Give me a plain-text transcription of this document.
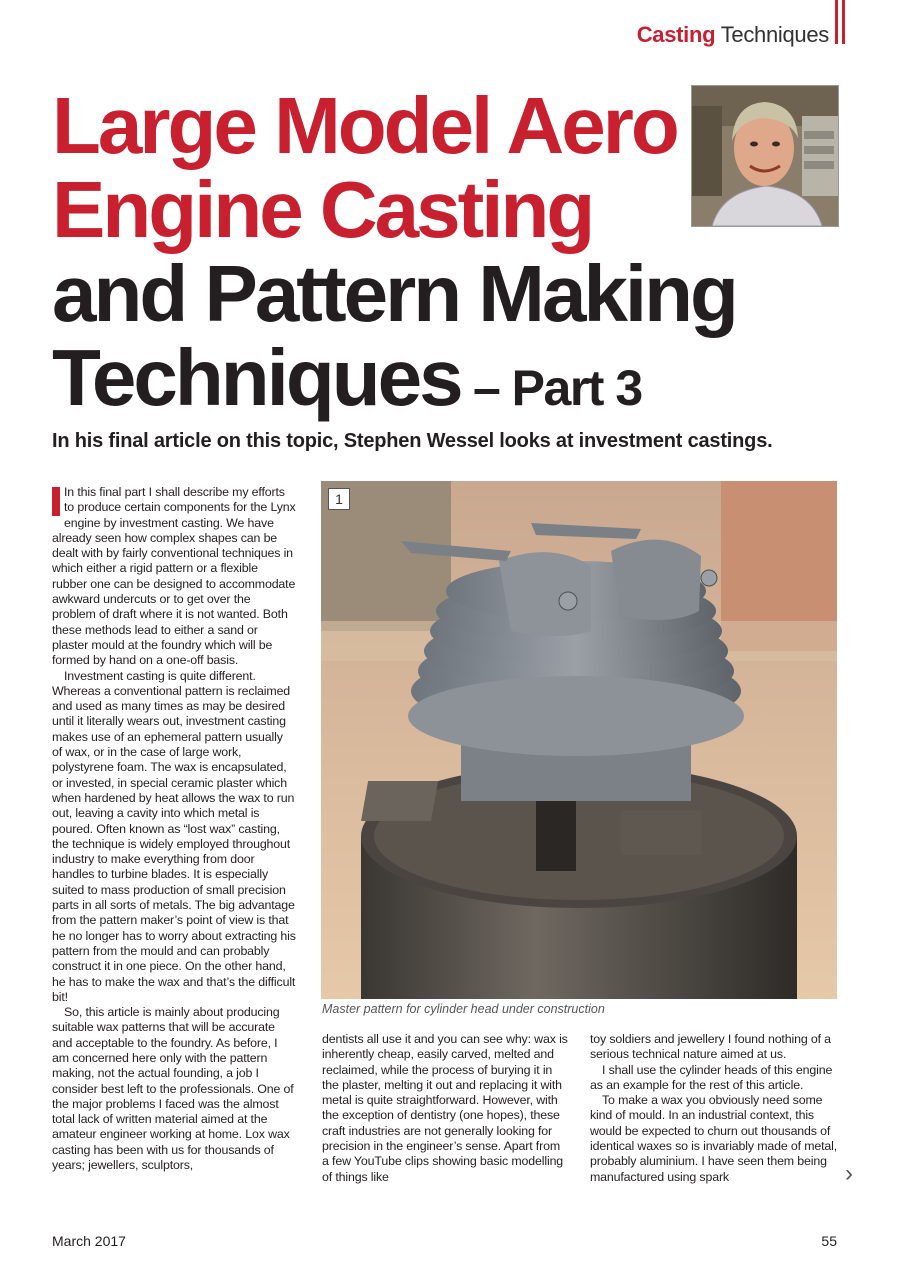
Casting Techniques
Large Model Aero
Engine Casting
and Pattern Making
Techniques – Part 3
In his final article on this topic, Stephen Wessel looks at investment castings.

In this final part I shall describe my efforts to produce certain components for the Lynx engine by investment casting. We have already seen how complex shapes can be dealt with by fairly conventional techniques in which either a rigid pattern or a flexible rubber one can be designed to accommodate awkward undercuts or to get over the problem of draft where it is not wanted. Both these methods lead to either a sand or plaster mould at the foundry which will be formed by hand on a one-off basis.

Investment casting is quite different. Whereas a conventional pattern is reclaimed and used as many times as may be desired until it literally wears out, investment casting makes use of an ephemeral pattern usually of wax, or in the case of large work, polystyrene foam. The wax is encapsulated, or invested, in special ceramic plaster which when hardened by heat allows the wax to run out, leaving a cavity into which metal is poured. Often known as “lost wax” casting, the technique is widely employed throughout industry to make everything from door handles to turbine blades. It is especially suited to mass production of small precision parts in all sorts of metals. The big advantage from the pattern maker’s point of view is that he no longer has to worry about extracting his pattern from the mould and can probably construct it in one piece. On the other hand, he has to make the wax and that’s the difficult bit!

So, this article is mainly about producing suitable wax patterns that will be accurate and acceptable to the foundry. As before, I am concerned here only with the pattern making, not the actual founding, a job I consider best left to the professionals. One of the major problems I faced was the almost total lack of written material aimed at the amateur engineer working at home. Lox wax casting has been with us for thousands of years; jewellers, sculptors,

1
Master pattern for cylinder head under construction

dentists all use it and you can see why: wax is inherently cheap, easily carved, melted and reclaimed, while the process of burying it in the plaster, melting it out and replacing it with metal is quite straightforward. However, with the exception of dentistry (one hopes), these craft industries are not generally looking for precision in the engineer’s sense. Apart from a few YouTube clips showing basic modelling of things like

toy soldiers and jewellery I found nothing of a serious technical nature aimed at us.

I shall use the cylinder heads of this engine as an example for the rest of this article.

To make a wax you obviously need some kind of mould. In an industrial context, this would be expected to churn out thousands of identical waxes so is invariably made of metal, probably aluminium. I have seen them being manufactured using spark	›
March 2017	55
